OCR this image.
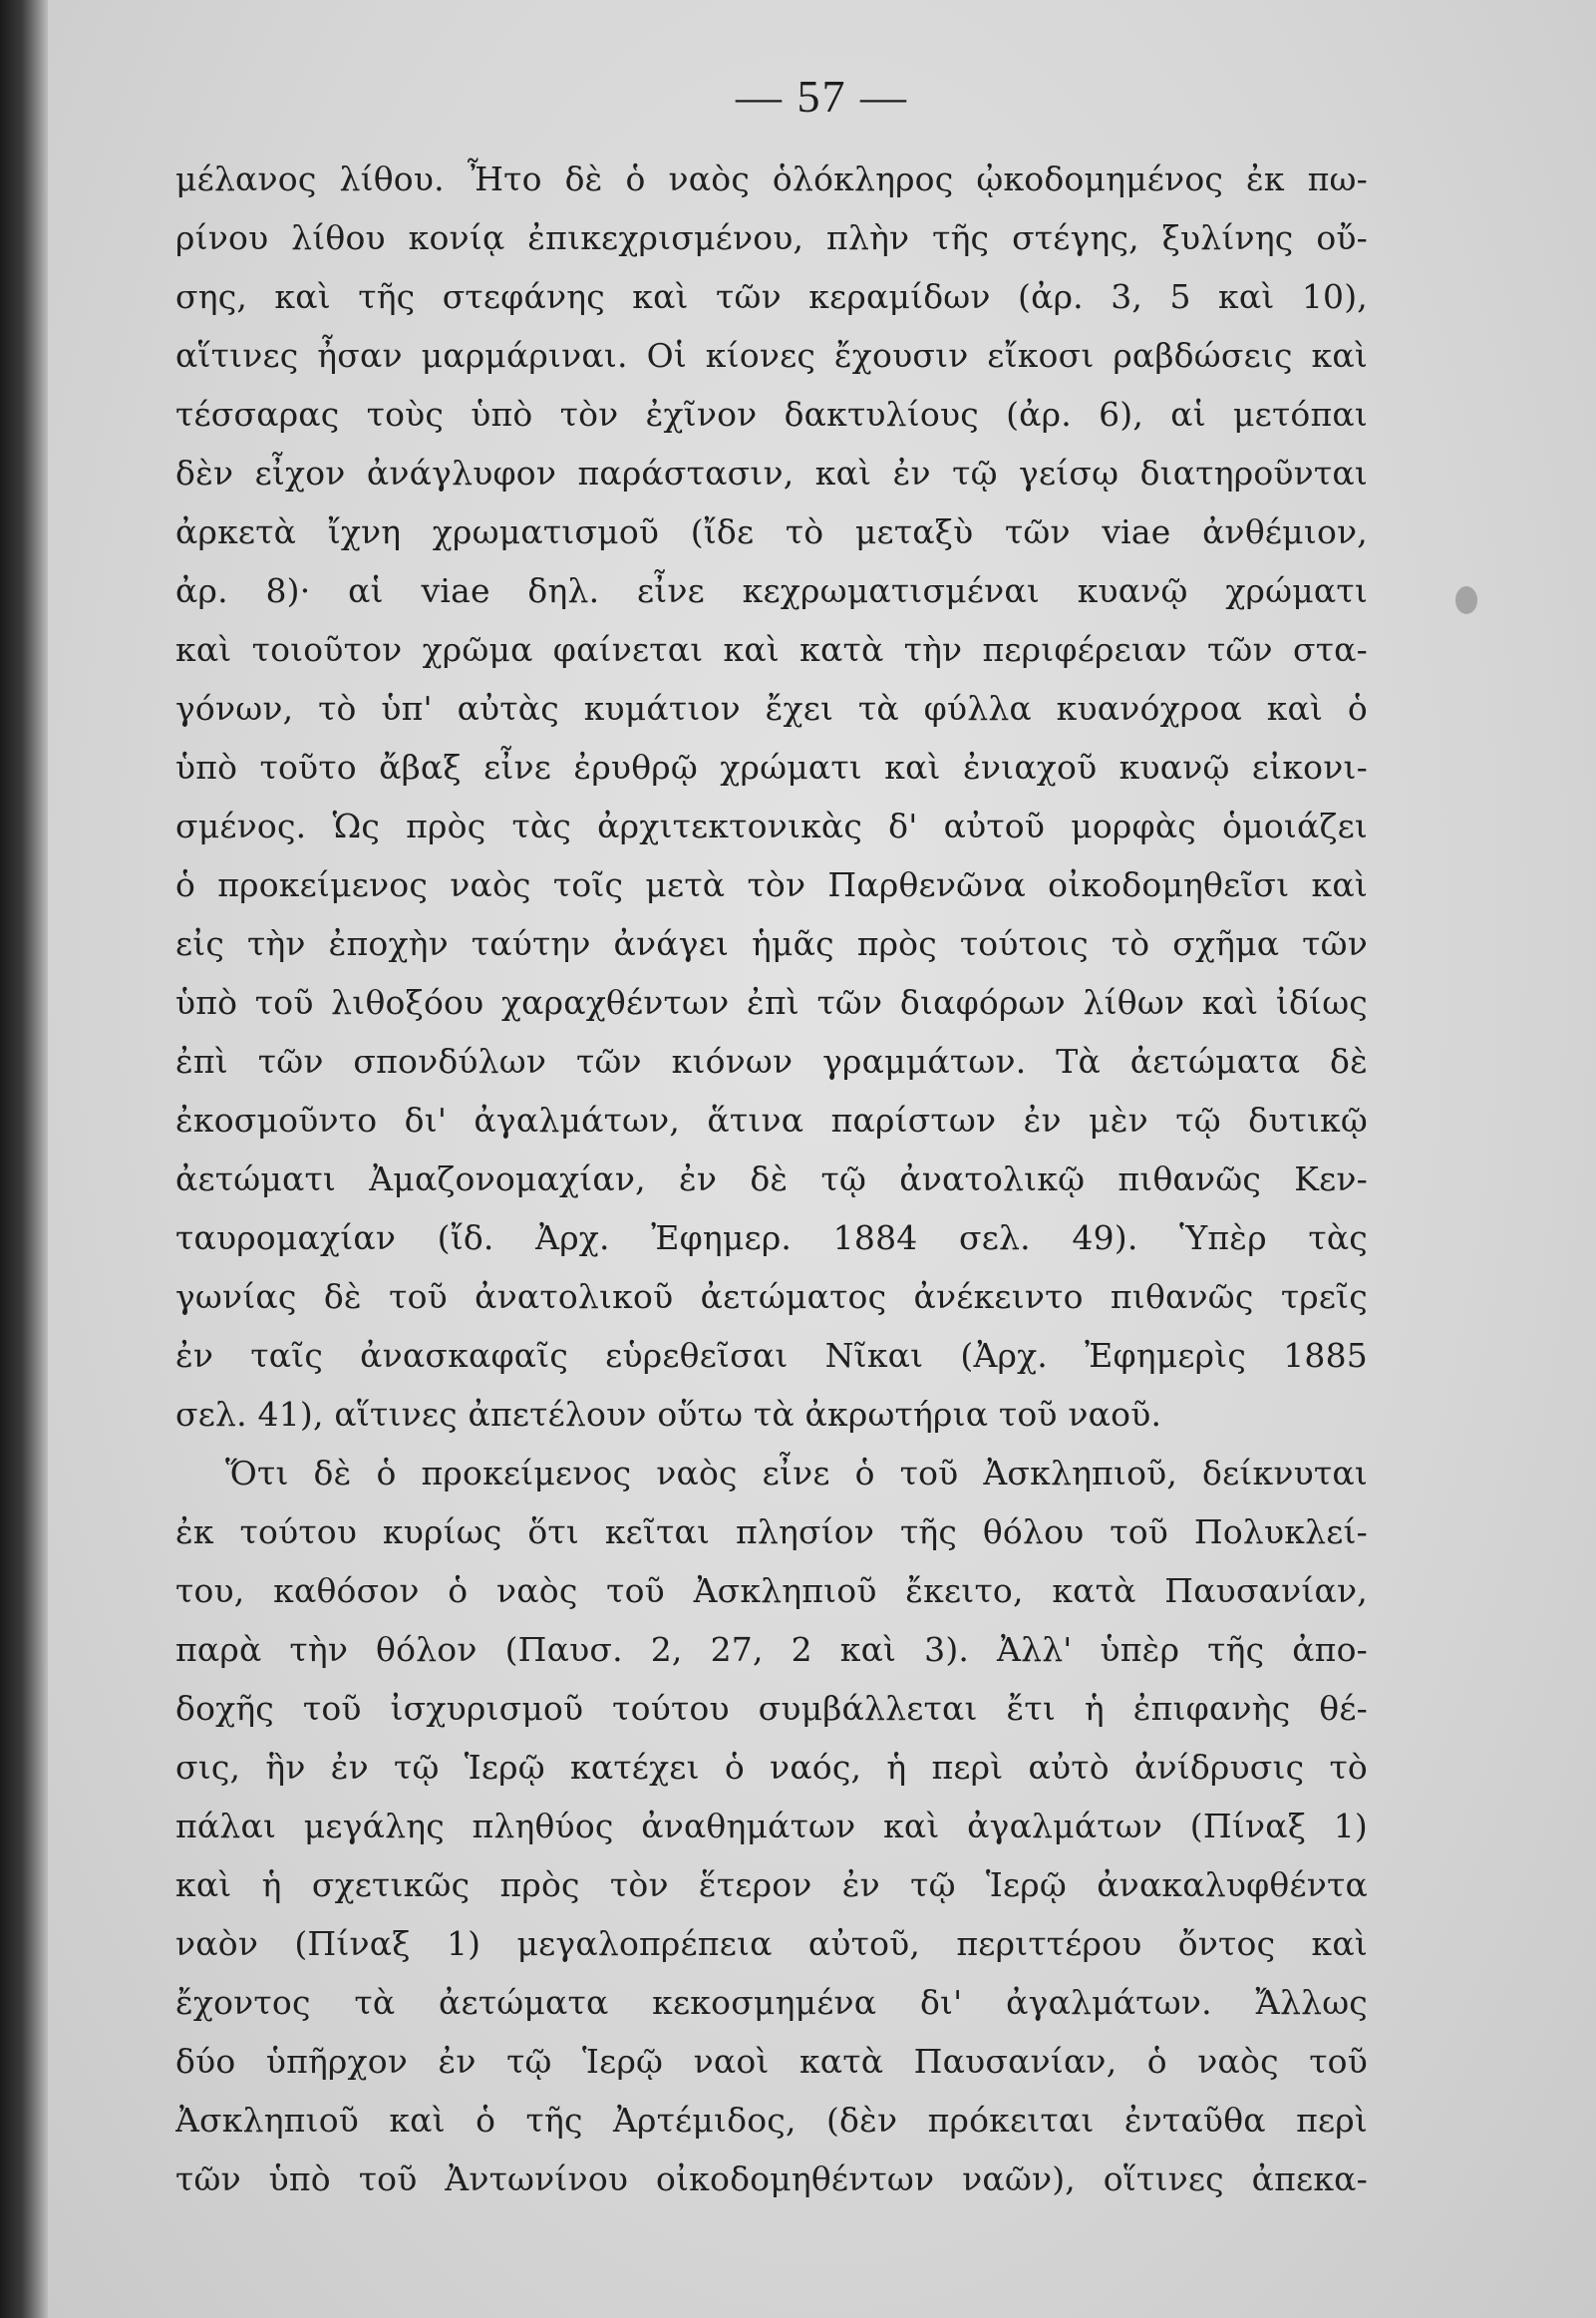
— 57 —
μέλανος λίθου. Ἦτο δὲ ὁ ναὸς ὁλόκληρος ᾠκοδομημένος ἐκ πω-
ρίνου λίθου κονίᾳ ἐπικεχρισμένου, πλὴν τῆς στέγης, ξυλίνης οὔ-
σης, καὶ τῆς στεφάνης καὶ τῶν κεραμίδων (ἀρ. 3, 5 καὶ 10),
αἵτινες ἦσαν μαρμάριναι. Οἱ κίονες ἔχουσιν εἴκοσι ραβδώσεις καὶ
τέσσαρας τοὺς ὑπὸ τὸν ἐχῖνον δακτυλίους (ἀρ. 6), αἱ μετόπαι
δὲν εἶχον ἀνάγλυφον παράστασιν, καὶ ἐν τῷ γείσῳ διατηροῦνται
ἀρκετὰ ἴχνη χρωματισμοῦ (ἴδε τὸ μεταξὺ τῶν viae ἀνθέμιον,
ἀρ. 8)· αἱ viae δηλ. εἶνε κεχρωματισμέναι κυανῷ χρώματι
καὶ τοιοῦτον χρῶμα φαίνεται καὶ κατὰ τὴν περιφέρειαν τῶν στα-
γόνων, τὸ ὑπ' αὐτὰς κυμάτιον ἔχει τὰ φύλλα κυανόχροα καὶ ὁ
ὑπὸ τοῦτο ἄβαξ εἶνε ἐρυθρῷ χρώματι καὶ ἐνιαχοῦ κυανῷ εἰκονι-
σμένος. Ὡς πρὸς τὰς ἀρχιτεκτονικὰς δ' αὐτοῦ μορφὰς ὁμοιάζει
ὁ προκείμενος ναὸς τοῖς μετὰ τὸν Παρθενῶνα οἰκοδομηθεῖσι καὶ
εἰς τὴν ἐποχὴν ταύτην ἀνάγει ἡμᾶς πρὸς τούτοις τὸ σχῆμα τῶν
ὑπὸ τοῦ λιθοξόου χαραχθέντων ἐπὶ τῶν διαφόρων λίθων καὶ ἰδίως
ἐπὶ τῶν σπονδύλων τῶν κιόνων γραμμάτων. Τὰ ἀετώματα δὲ
ἐκοσμοῦντο δι' ἀγαλμάτων, ἅτινα παρίστων ἐν μὲν τῷ δυτικῷ
ἀετώματι Ἀμαζονομαχίαν, ἐν δὲ τῷ ἀνατολικῷ πιθανῶς Κεν-
ταυρομαχίαν (ἴδ. Ἀρχ. Ἐφημερ. 1884 σελ. 49). Ὑπὲρ τὰς
γωνίας δὲ τοῦ ἀνατολικοῦ ἀετώματος ἀνέκειντο πιθανῶς τρεῖς
ἐν ταῖς ἀνασκαφαῖς εὑρεθεῖσαι Νῖκαι (Ἀρχ. Ἐφημερὶς 1885
σελ. 41), αἵτινες ἀπετέλουν οὕτω τὰ ἀκρωτήρια τοῦ ναοῦ.
Ὅτι δὲ ὁ προκείμενος ναὸς εἶνε ὁ τοῦ Ἀσκληπιοῦ, δείκνυται
ἐκ τούτου κυρίως ὅτι κεῖται πλησίον τῆς θόλου τοῦ Πολυκλεί-
του, καθόσον ὁ ναὸς τοῦ Ἀσκληπιοῦ ἔκειτο, κατὰ Παυσανίαν,
παρὰ τὴν θόλον (Παυσ. 2, 27, 2 καὶ 3). Ἀλλ' ὑπὲρ τῆς ἀπο-
δοχῆς τοῦ ἰσχυρισμοῦ τούτου συμβάλλεται ἔτι ἡ ἐπιφανὴς θέ-
σις, ἣν ἐν τῷ Ἱερῷ κατέχει ὁ ναός, ἡ περὶ αὐτὸ ἀνίδρυσις τὸ
πάλαι μεγάλης πληθύος ἀναθημάτων καὶ ἀγαλμάτων (Πίναξ 1)
καὶ ἡ σχετικῶς πρὸς τὸν ἕτερον ἐν τῷ Ἱερῷ ἀνακαλυφθέντα
ναὸν (Πίναξ 1) μεγαλοπρέπεια αὐτοῦ, περιττέρου ὄντος καὶ
ἔχοντος τὰ ἀετώματα κεκοσμημένα δι' ἀγαλμάτων. Ἄλλως
δύο ὑπῆρχον ἐν τῷ Ἱερῷ ναοὶ κατὰ Παυσανίαν, ὁ ναὸς τοῦ
Ἀσκληπιοῦ καὶ ὁ τῆς Ἀρτέμιδος, (δὲν πρόκειται ἐνταῦθα περὶ
τῶν ὑπὸ τοῦ Ἀντωνίνου οἰκοδομηθέντων ναῶν), οἵτινες ἀπεκα-
